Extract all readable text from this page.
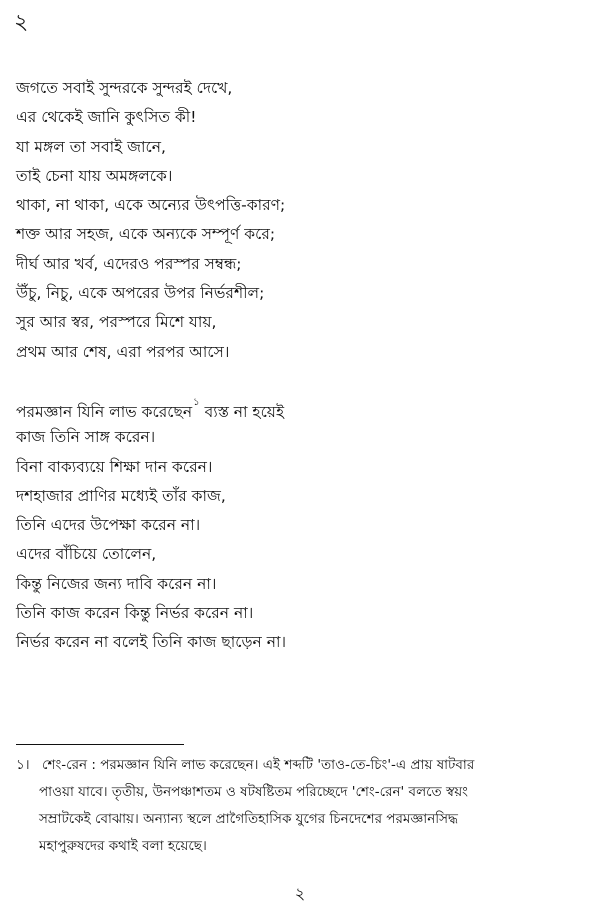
২
জগতে সবাই সুন্দরকে সুন্দরই দেখে,
এর থেকেই জানি কুৎসিত কী!
যা মঙ্গল তা সবাই জানে,
তাই চেনা যায় অমঙ্গলকে।
থাকা, না থাকা, একে অন্যের উৎপত্তি-কারণ;
শক্ত আর সহজ, একে অন্যকে সম্পূর্ণ করে;
দীর্ঘ আর খর্ব, এদেরও পরস্পর সম্বন্ধ;
উঁচু, নিচু, একে অপরের উপর নির্ভরশীল;
সুর আর স্বর, পরস্পরে মিশে যায়,
প্রথম আর শেষ, এরা পরপর আসে।
পরমজ্ঞান যিনি লাভ করেছেন$^১$ ব্যস্ত না হয়েই
কাজ তিনি সাঙ্গ করেন।
বিনা বাক্যব্যয়ে শিক্ষা দান করেন।
দশহাজার প্রাণির মধ্যেই তাঁর কাজ,
তিনি এদের উপেক্ষা করেন না।
এদের বাঁচিয়ে তোলেন,
কিন্তু নিজের জন্য দাবি করেন না।
তিনি কাজ করেন কিন্তু নির্ভর করেন না।
নির্ভর করেন না বলেই তিনি কাজ ছাড়েন না।
১। শেং-রেন : পরমজ্ঞান যিনি লাভ করেছেন। এই শব্দটি 'তাও-তে-চিং'-এ প্রায় ষাটবার
পাওয়া যাবে। তৃতীয়, উনপঞ্চাশতম ও ষটষষ্টিতম পরিচ্ছেদে 'শেং-রেন' বলতে স্বয়ং
সম্রাটকেই বোঝায়। অন্যান্য স্থলে প্রাগৈতিহাসিক যুগের চিনদেশের পরমজ্ঞানসিদ্ধ
মহাপুরুষদের কথাই বলা হয়েছে।
২
